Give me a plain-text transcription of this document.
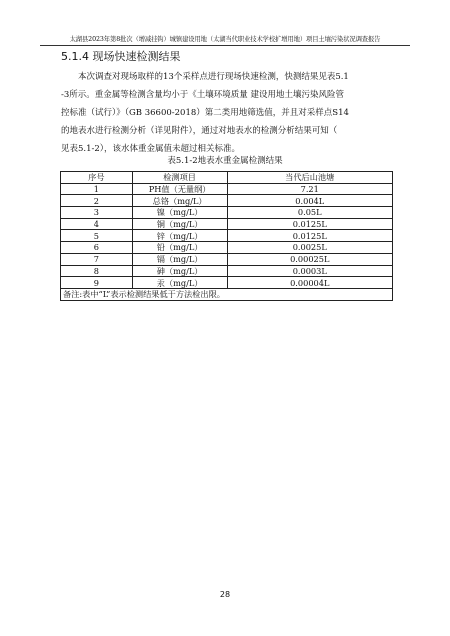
太湖县2023年第8批次（增减挂钩）城镇建设用地（太湖当代职业技术学校扩增用地）项目土壤污染状况调查报告
5.1.4 现场快速检测结果

本次调查对现场取样的13个采样点进行现场快速检测，快测结果见表5.1
-3所示。重金属等检测含量均小于《土壤环境质量 建设用地土壤污染风险管
控标准（试行）》（GB 36600-2018）第二类用地筛选值，并且对采样点S14
的地表水进行检测分析（详见附件），通过对地表水的检测分析结果可知（
见表5.1-2），该水体重金属值未超过相关标准。

表5.1-2地表水重金属检测结果
序号	检测项目	当代后山池塘
1	PH值（无量纲）	7.21
2	总铬（mg/L）	0.004L
3	镍（mg/L）	0.05L
4	铜（mg/L）	0.0125L
5	锌（mg/L）	0.0125L
6	铅（mg/L）	0.0025L
7	镉（mg/L）	0.00025L
8	砷（mg/L）	0.0003L
9	汞（mg/L）	0.00004L
备注:表中“L”表示检测结果低于方法检出限。		
28
